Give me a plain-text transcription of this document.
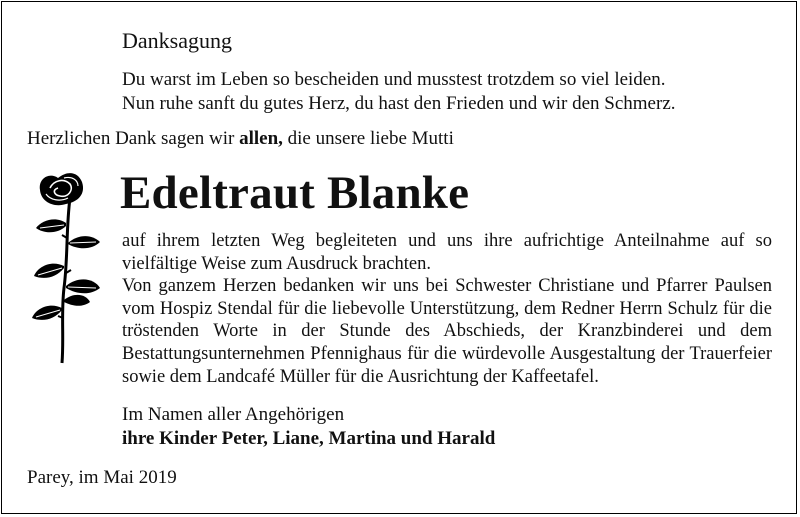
Danksagung
Du warst im Leben so bescheiden und musstest trotzdem so viel leiden.
Nun ruhe sanft du gutes Herz, du hast den Frieden und wir den Schmerz.
Herzlichen Dank sagen wir allen, die unsere liebe Mutti
Edeltraut Blanke

auf ihrem letzten Weg begleiteten und uns ihre aufrichtige Anteilnahme auf so vielfältige Weise zum Ausdruck brachten.

Von ganzem Herzen bedanken wir uns bei Schwester Christiane und Pfarrer Paulsen vom Hospiz Stendal für die liebevolle Unterstützung, dem Redner Herrn Schulz für die tröstenden Worte in der Stunde des Abschieds, der Kranzbinderei und dem Bestattungsunternehmen Pfennighaus für die würdevolle Ausgestaltung der Trauerfeier sowie dem Landcafé Müller für die Ausrichtung der Kaffeetafel.

Im Namen aller Angehörigen
ihre Kinder Peter, Liane, Martina und Harald
Parey, im Mai 2019
